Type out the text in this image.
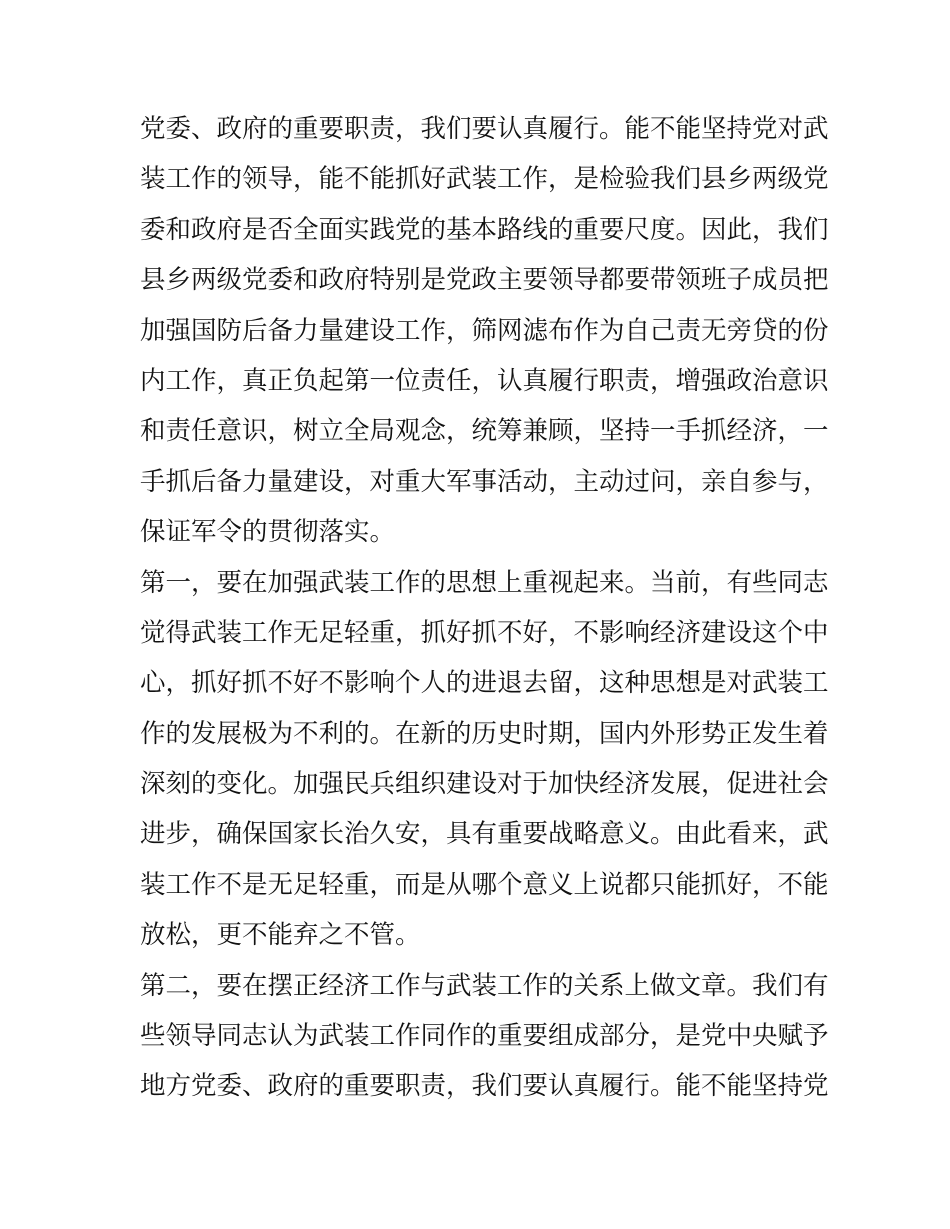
党委、政府的重要职责，我们要认真履行。能不能坚持党对武
装工作的领导，能不能抓好武装工作，是检验我们县乡两级党
委和政府是否全面实践党的基本路线的重要尺度。因此，我们
县乡两级党委和政府特别是党政主要领导都要带领班子成员把
加强国防后备力量建设工作，筛网滤布作为自己责无旁贷的份
内工作，真正负起第一位责任，认真履行职责，增强政治意识
和责任意识，树立全局观念，统筹兼顾，坚持一手抓经济，一
手抓后备力量建设，对重大军事活动，主动过问，亲自参与，
保证军令的贯彻落实。
第一，要在加强武装工作的思想上重视起来。当前，有些同志
觉得武装工作无足轻重，抓好抓不好，不影响经济建设这个中
心，抓好抓不好不影响个人的进退去留，这种思想是对武装工
作的发展极为不利的。在新的历史时期，国内外形势正发生着
深刻的变化。加强民兵组织建设对于加快经济发展，促进社会
进步，确保国家长治久安，具有重要战略意义。由此看来，武
装工作不是无足轻重，而是从哪个意义上说都只能抓好，不能
放松，更不能弃之不管。
第二，要在摆正经济工作与武装工作的关系上做文章。我们有
些领导同志认为武装工作同作的重要组成部分，是党中央赋予
地方党委、政府的重要职责，我们要认真履行。能不能坚持党
